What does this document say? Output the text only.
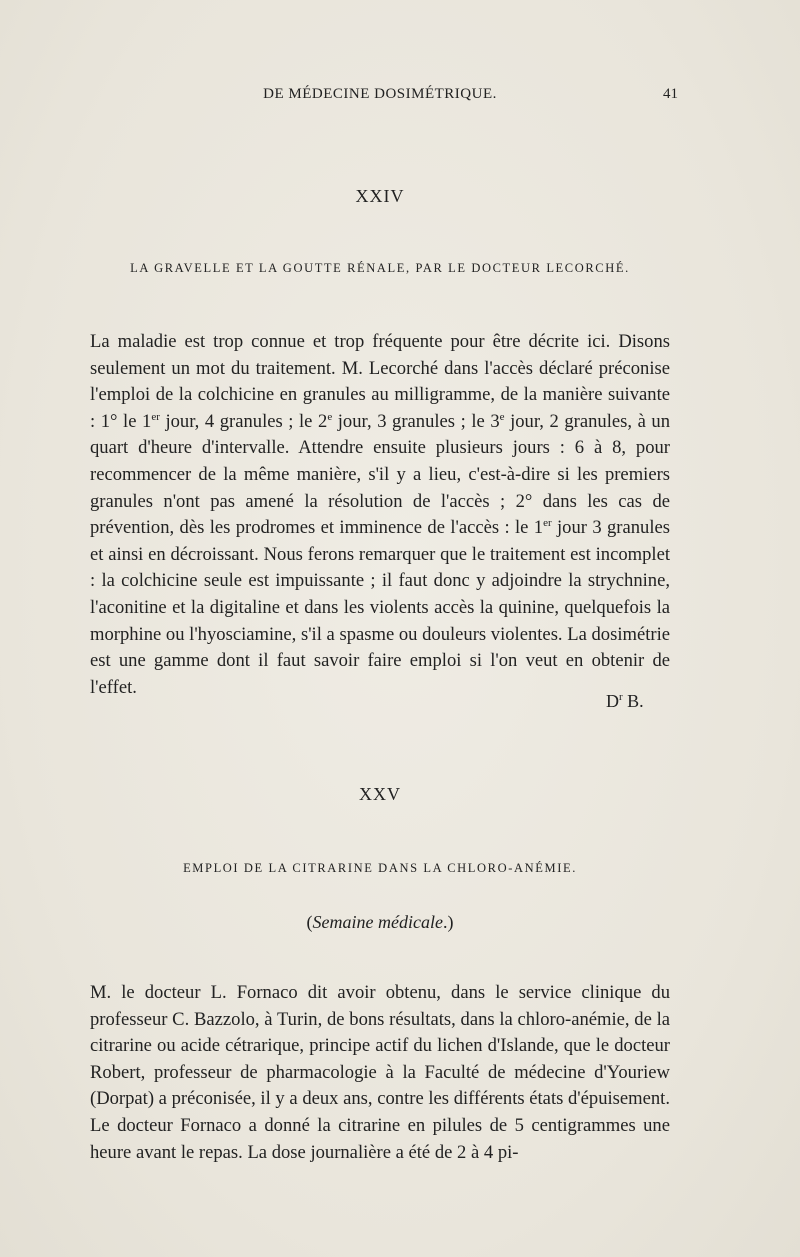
DE MÉDECINE DOSIMÉTRIQUE.	41
XXIV
LA GRAVELLE ET LA GOUTTE RÉNALE, PAR LE DOCTEUR LECORCHÉ.

La maladie est trop connue et trop fréquente pour être décrite ici. Disons seulement un mot du traitement. M. Lecorché dans l'accès déclaré préconise l'emploi de la colchicine en granules au milligramme, de la manière suivante : 1° le 1er jour, 4 granules ; le 2e jour, 3 granules ; le 3e jour, 2 granules, à un quart d'heure d'intervalle. Attendre ensuite plusieurs jours : 6 à 8, pour recommencer de la même manière, s'il y a lieu, c'est-à-dire si les premiers granules n'ont pas amené la résolution de l'accès ; 2° dans les cas de prévention, dès les prodromes et imminence de l'accès : le 1er jour 3 granules et ainsi en décroissant. Nous ferons remarquer que le traitement est incomplet : la colchicine seule est impuissante ; il faut donc y adjoindre la strychnine, l'aconitine et la digitaline et dans les violents accès la quinine, quelquefois la morphine ou l'hyosciamine, s'il a spasme ou douleurs violentes. La dosimétrie est une gamme dont il faut savoir faire emploi si l'on veut en obtenir de l'effet.

$D^r$ B.
XXV
EMPLOI DE LA CITRARINE DANS LA CHLORO-ANÉMIE.
(Semaine médicale.)

M. le docteur L. Fornaco dit avoir obtenu, dans le service clinique du professeur C. Bazzolo, à Turin, de bons résultats, dans la chloro-anémie, de la citrarine ou acide cétrarique, principe actif du lichen d'Islande, que le docteur Robert, professeur de pharmacologie à la Faculté de médecine d'Youriew (Dorpat) a préconisée, il y a deux ans, contre les différents états d'épuisement. Le docteur Fornaco a donné la citrarine en pilules de 5 centigrammes une heure avant le repas. La dose journalière a été de 2 à 4 pi-
